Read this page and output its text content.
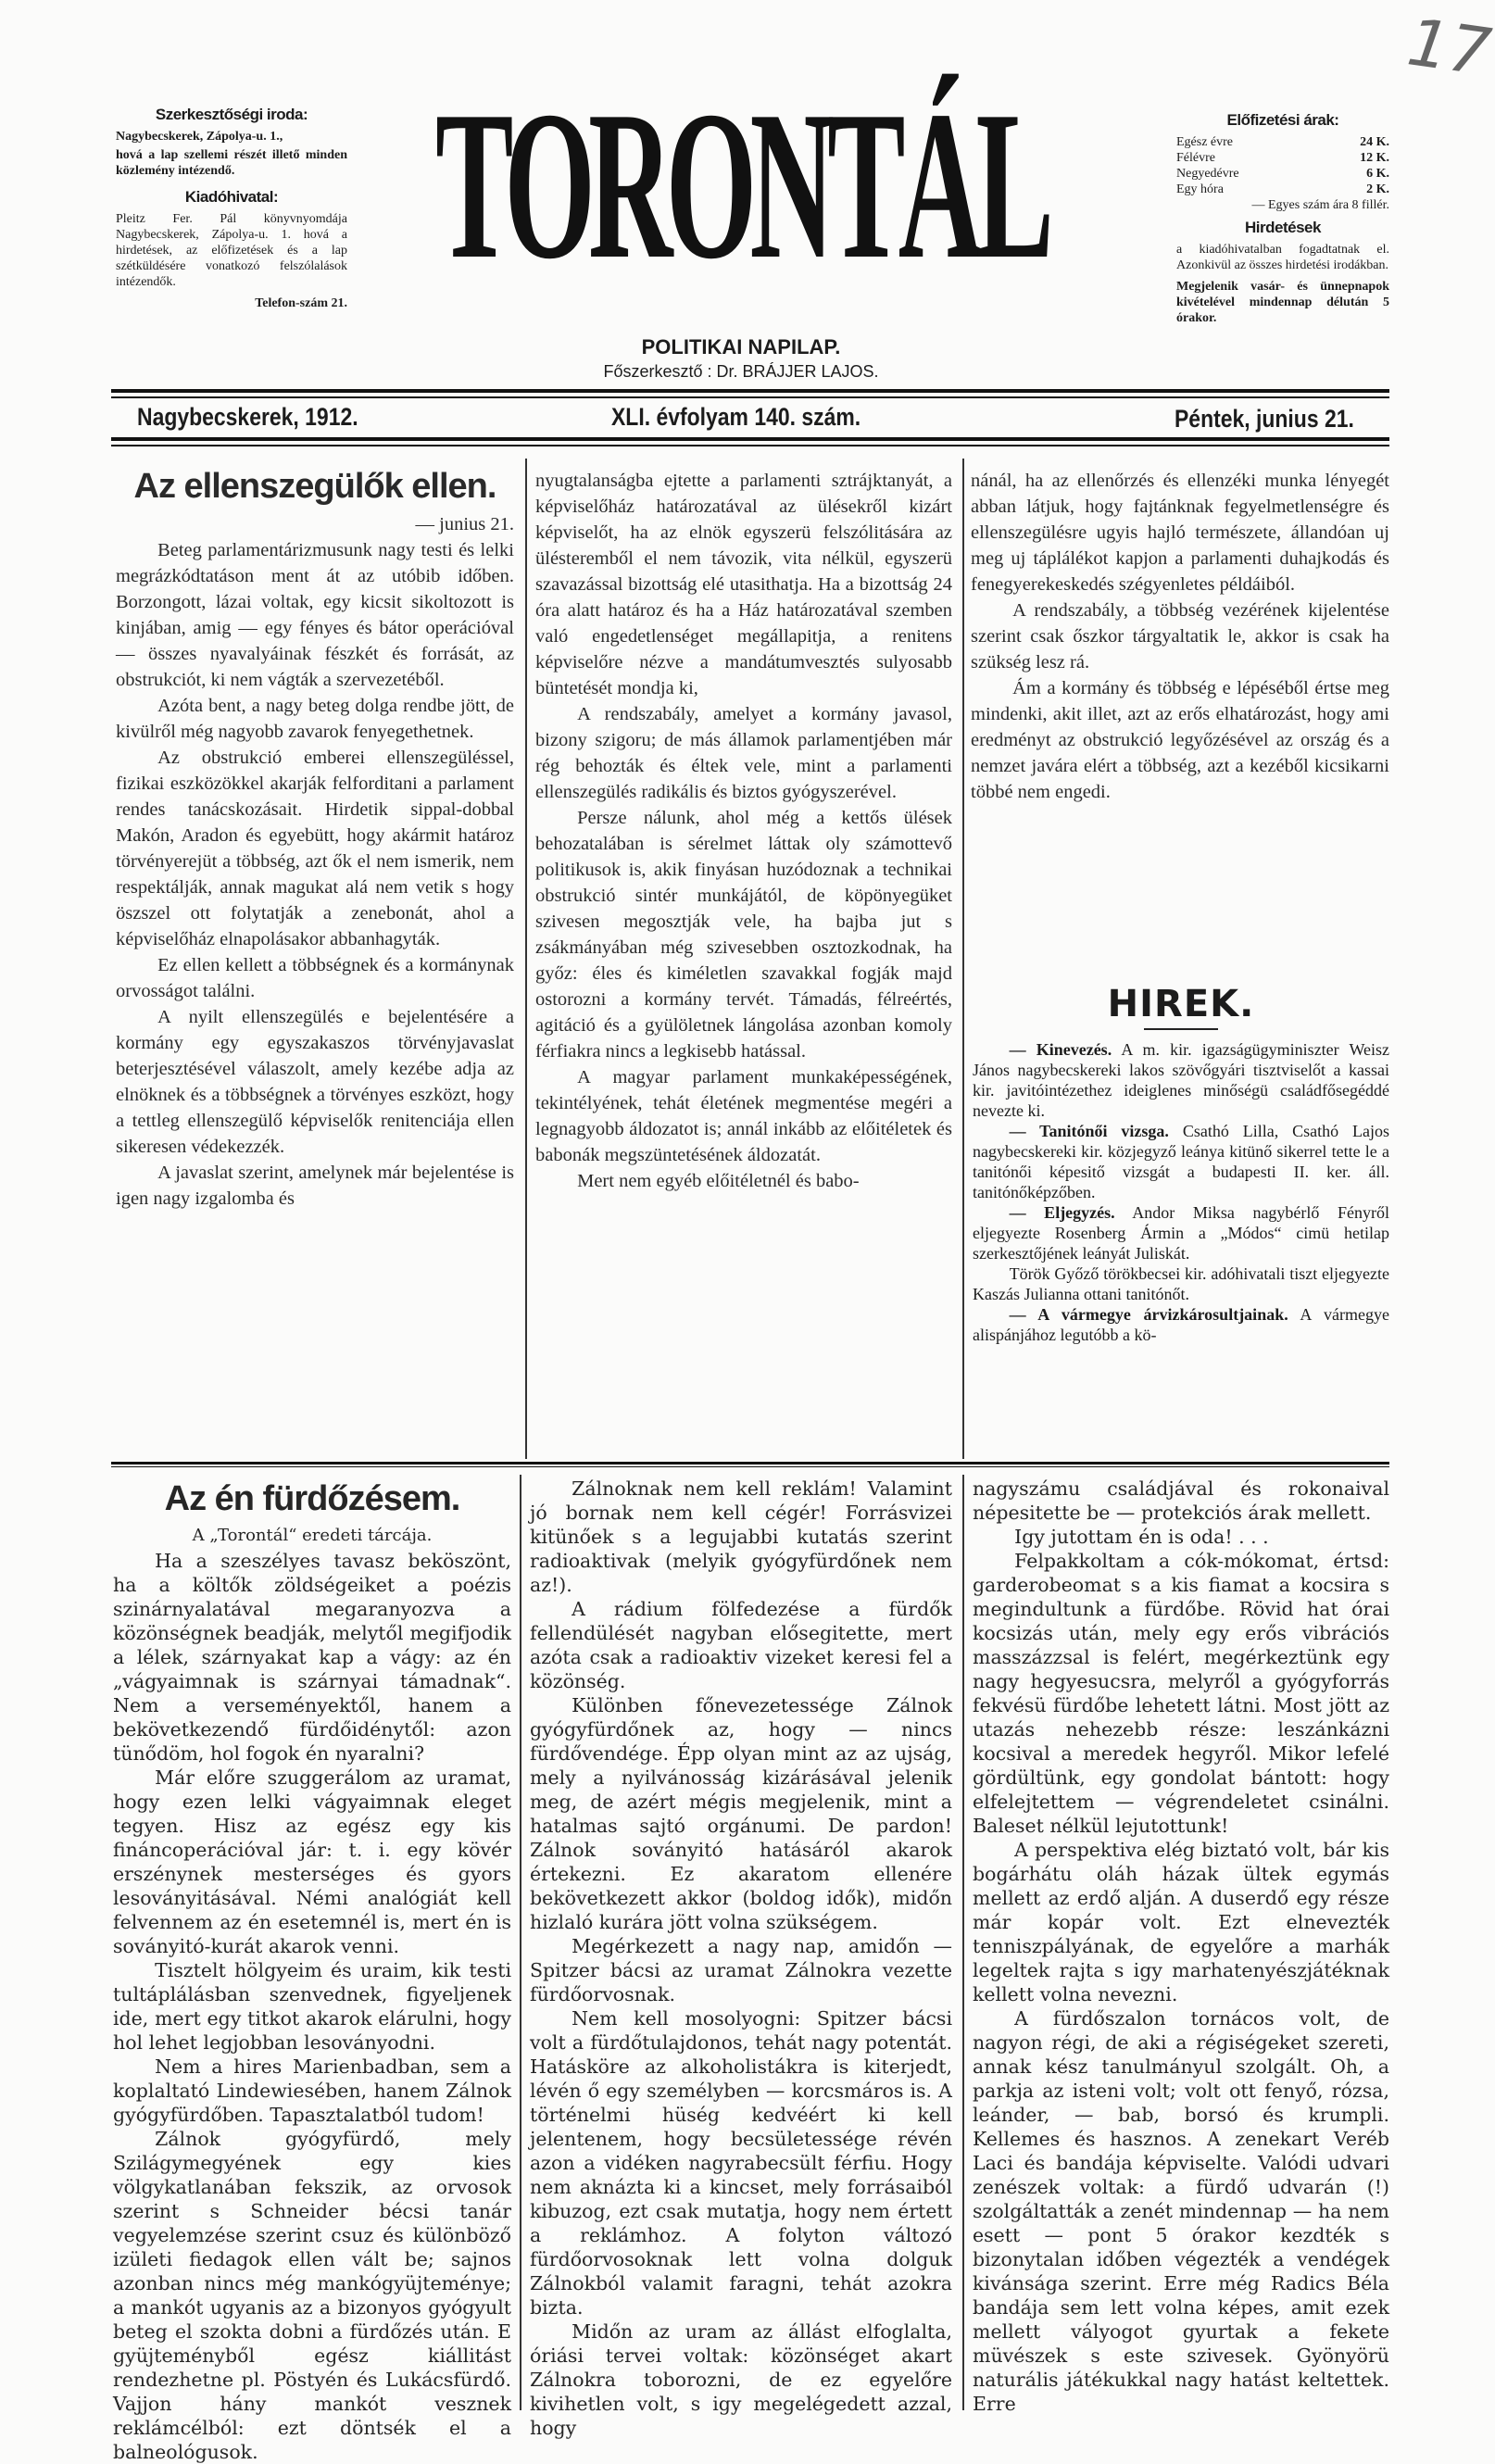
17
Szerkesztőségi iroda:

Nagybecskerek, Zápolya-u. 1.,

hová a lap szellemi részét illető minden közlemény intézendő.

Kiadóhivatal:

Pleitz Fer. Pál könyvnyomdája Nagybecskerek, Zápolya-u. 1. hová a hirdetések, az előfizetések és a lap szétküldésére vonatkozó felszólalások intézendők.

Telefon-szám 21.

TORONTÁL
POLITIKAI NAPILAP.
Főszerkesztő : Dr. BRÁJJER LAJOS.
Előfizetési árak:
Egész évre	24 K.
Félévre	12 K.
Negyedévre	6 K.
Egy hóra	2 K.

— Egyes szám ára 8 fillér.

Hirdetések

a kiadóhivatalban fogadtatnak el. Azonkivül az összes hirdetési irodákban.

Megjelenik vasár- és ünnepnapok kivételével mindennap délután 5 órakor.

Nagybecskerek, 1912.	XLI. évfolyam 140. szám.	Péntek, junius 21.
Az ellenszegülők ellen.
— junius 21.

Beteg parlamentárizmusunk nagy testi és lelki megrázkódtatáson ment át az utóbib időben. Borzongott, lázai voltak, egy kicsit sikoltozott is kinjában, amig — egy fényes és bátor operációval — összes nyavalyáinak fészkét és forrását, az obstrukciót, ki nem vágták a szervezetéből.

Azóta bent, a nagy beteg dolga rendbe jött, de kivülről még nagyobb zavarok fenyegethetnek.

Az obstrukció emberei ellenszegüléssel, fizikai eszközökkel akarják felforditani a parlament rendes tanácskozásait. Hirdetik sippal-dobbal Makón, Aradon és egyebütt, hogy akármit határoz törvényerejüt a többség, azt ők el nem ismerik, nem respektálják, annak magukat alá nem vetik s hogy öszszel ott folytatják a zenebonát, ahol a képviselőház elnapolásakor abbanhagyták.

Ez ellen kellett a többségnek és a kormánynak orvosságot találni.

A nyilt ellenszegülés e bejelentésére a kormány egy egyszakaszos törvényjavaslat beterjesztésével válaszolt, amely kezébe adja az elnöknek és a többségnek a törvényes eszközt, hogy a tettleg ellenszegülő képviselők renitenciája ellen sikeresen védekezzék.

A javaslat szerint, amelynek már bejelentése is igen nagy izgalomba és

nyugtalanságba ejtette a parlamenti sztrájktanyát, a képviselőház határozatával az ülésekről kizárt képviselőt, ha az elnök egyszerü felszólitására az ülésteremből el nem távozik, vita nélkül, egyszerü szavazással bizottság elé utasithatja. Ha a bizottság 24 óra alatt határoz és ha a Ház határozatával szemben való engedetlenséget megállapitja, a renitens képviselőre nézve a mandátumvesztés sulyosabb büntetését mondja ki,

A rendszabály, amelyet a kormány javasol, bizony szigoru; de más államok parlamentjében már rég behozták és éltek vele, mint a parlamenti ellenszegülés radikális és biztos gyógyszerével.

Persze nálunk, ahol még a kettős ülések behozatalában is sérelmet láttak oly számottevő politikusok is, akik finyásan huzódoznak a technikai obstrukció sintér munkájától, de köpönyegüket szivesen megosztják vele, ha bajba jut s zsákmányában még szivesebben osztozkodnak, ha győz: éles és kiméletlen szavakkal fogják majd ostorozni a kormány tervét. Támadás, félreértés, agitáció és a gyülöletnek lángolása azonban komoly férfiakra nincs a legkisebb hatással.

A magyar parlament munkaképességének, tekintélyének, tehát életének megmentése megéri a legnagyobb áldozatot is; annál inkább az előitéletek és babonák megszüntetésének áldozatát.

Mert nem egyéb előitéletnél és babo-

nánál, ha az ellenőrzés és ellenzéki munka lényegét abban látjuk, hogy fajtánknak fegyelmetlenségre és ellenszegülésre ugyis hajló természete, állandóan uj meg uj táplálékot kapjon a parlamenti duhajkodás és fenegyerekeskedés szégyenletes példáiból.

A rendszabály, a többség vezérének kijelentése szerint csak őszkor tárgyaltatik le, akkor is csak ha szükség lesz rá.

Ám a kormány és többség e lépéséből értse meg mindenki, akit illet, azt az erős elhatározást, hogy ami eredményt az obstrukció legyőzésével az ország és a nemzet javára elért a többség, azt a kezéből kicsikarni többé nem engedi.

HIREK.

— Kinevezés. A m. kir. igazságügyminiszter Weisz János nagybecskereki lakos szövőgyári tisztviselőt a kassai kir. javitóintézethez ideiglenes minőségü családfősegéddé nevezte ki.

— Tanitónői vizsga. Csathó Lilla, Csathó Lajos nagybecskereki kir. közjegyző leánya kitünő sikerrel tette le a tanitónői képesitő vizsgát a budapesti II. ker. áll. tanitónőképzőben.

— Eljegyzés. Andor Miksa nagybérlő Fényről eljegyezte Rosenberg Ármin a „Módos“ cimü hetilap szerkesztőjének leányát Juliskát.

Török Győző törökbecsei kir. adóhivatali tiszt eljegyezte Kaszás Julianna ottani tanitónőt.

— A vármegye árvizkárosultjainak. A vármegye alispánjához legutóbb a kö-

Az én fürdőzésem.
A „Torontál“ eredeti tárcája.

Ha a szeszélyes tavasz beköszönt, ha a költők zöldségeiket a poézis szinárnyalatával megaranyozva a közönségnek beadják, melytől megifjodik a lélek, szárnyakat kap a vágy: az én „vágyaimnak is szárnyai támadnak“. Nem a verseményektől, hanem a bekövetkezendő fürdőidénytől: azon tünődöm, hol fogok én nyaralni?

Már előre szuggerálom az uramat, hogy ezen lelki vágyaimnak eleget tegyen. Hisz az egész egy kis fináncoperációval jár: t. i. egy kövér erszénynek mesterséges és gyors lesoványitásával. Némi analógiát kell felvennem az én esetemnél is, mert én is soványitó-kurát akarok venni.

Tisztelt hölgyeim és uraim, kik testi tultáplálásban szenvednek, figyeljenek ide, mert egy titkot akarok elárulni, hogy hol lehet legjobban lesoványodni.

Nem a hires Marienbadban, sem a koplaltató Lindewiesében, hanem Zálnok gyógyfürdőben. Tapasztalatból tudom!

Zálnok gyógyfürdő, mely Szilágymegyének egy kies völgykatlanában fekszik, az orvosok szerint s Schneider bécsi tanár vegyelemzése szerint csuz és különböző izületi fiedagok ellen vált be; sajnos azonban nincs még mankógyüjteménye; a mankót ugyanis az a bizonyos gyógyult beteg el szokta dobni a fürdőzés után. E gyüjteményből egész kiállitást rendezhetne pl. Pöstyén és Lukácsfürdő. Vajjon hány mankót vesznek reklámcélból: ezt döntsék el a balneológusok.

Zálnoknak nem kell reklám! Valamint jó bornak nem kell cégér! Forrásvizei kitünőek s a legujabbi kutatás szerint radioaktivak (melyik gyógyfürdőnek nem az!).

A rádium fölfedezése a fürdők fellendülését nagyban elősegitette, mert azóta csak a radioaktiv vizeket keresi fel a közönség.

Különben főnevezetessége Zálnok gyógyfürdőnek az, hogy — nincs fürdővendége. Épp olyan mint az az ujság, mely a nyilvánosság kizárásával jelenik meg, de azért mégis megjelenik, mint a hatalmas sajtó orgánumi. De pardon! Zálnok soványitó hatásáról akarok értekezni. Ez akaratom ellenére bekövetkezett akkor (boldog idők), midőn hizlaló kurára jött volna szükségem.

Megérkezett a nagy nap, amidőn — Spitzer bácsi az uramat Zálnokra vezette fürdőorvosnak.

Nem kell mosolyogni: Spitzer bácsi volt a fürdőtulajdonos, tehát nagy potentát. Hatásköre az alkoholistákra is kiterjedt, lévén ő egy személyben — korcsmáros is. A történelmi hüség kedvéért ki kell jelentenem, hogy becsületessége révén azon a vidéken nagyrabecsült férfiu. Hogy nem aknázta ki a kincset, mely forrásaiból kibuzog, ezt csak mutatja, hogy nem értett a reklámhoz. A folyton változó fürdőorvosoknak lett volna dolguk Zálnokból valamit faragni, tehát azokra bizta.

Midőn az uram az állást elfoglalta, óriási tervei voltak: közönséget akart Zálnokra toborozni, de ez egyelőre kivihetlen volt, s igy megelégedett azzal, hogy

nagyszámu családjával és rokonaival népesitette be — protekciós árak mellett.

Igy jutottam én is oda! . . .

Felpakkoltam a cók-mókomat, értsd: garderobeomat s a kis fiamat a kocsira s megindultunk a fürdőbe. Rövid hat órai kocsizás után, mely egy erős vibrációs masszázzsal is felért, megérkeztünk egy nagy hegyesucsra, melyről a gyógyforrás fekvésü fürdőbe lehetett látni. Most jött az utazás nehezebb része: leszánkázni kocsival a meredek hegyről. Mikor lefelé gördültünk, egy gondolat bántott: hogy elfelejtettem — végrendeletet csinálni. Baleset nélkül lejutottunk!

A perspektiva elég biztató volt, bár kis bogárhátu oláh házak ültek egymás mellett az erdő alján. A duserdő egy része már kopár volt. Ezt elnevezték tenniszpályának, de egyelőre a marhák legeltek rajta s igy marhatenyészjátéknak kellett volna nevezni.

A fürdőszalon tornácos volt, de nagyon régi, de aki a régiségeket szereti, annak kész tanulmányul szolgált. Oh, a parkja az isteni volt; volt ott fenyő, rózsa, leánder, — bab, borsó és krumpli. Kellemes és hasznos. A zenekart Veréb Laci és bandája képviselte. Valódi udvari zenészek voltak: a fürdő udvarán (!) szolgáltatták a zenét mindennap — ha nem esett — pont 5 órakor kezdték s bizonytalan időben végezték a vendégek kivánsága szerint. Erre még Radics Béla bandája sem lett volna képes, amit ezek mellett vályogot gyurtak a fekete müvészek s este szivesek. Gyönyörü naturális játékukkal nagy hatást keltettek. Erre
